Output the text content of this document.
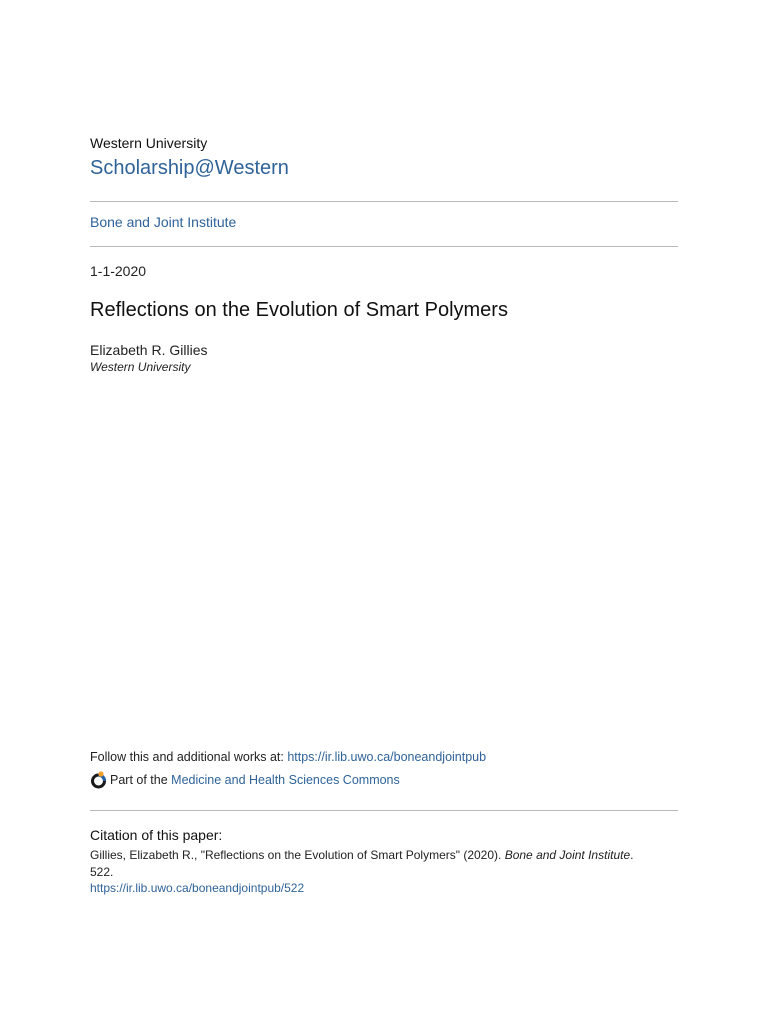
Western University
Scholarship@Western
Bone and Joint Institute
1-1-2020
Reflections on the Evolution of Smart Polymers
Elizabeth R. Gillies
Western University
Follow this and additional works at: https://ir.lib.uwo.ca/boneandjointpub
Part of the
Medicine and Health Sciences Commons
Citation of this paper:
Gillies, Elizabeth R., "Reflections on the Evolution of Smart Polymers" (2020). Bone and Joint Institute.
522.
https://ir.lib.uwo.ca/boneandjointpub/522
